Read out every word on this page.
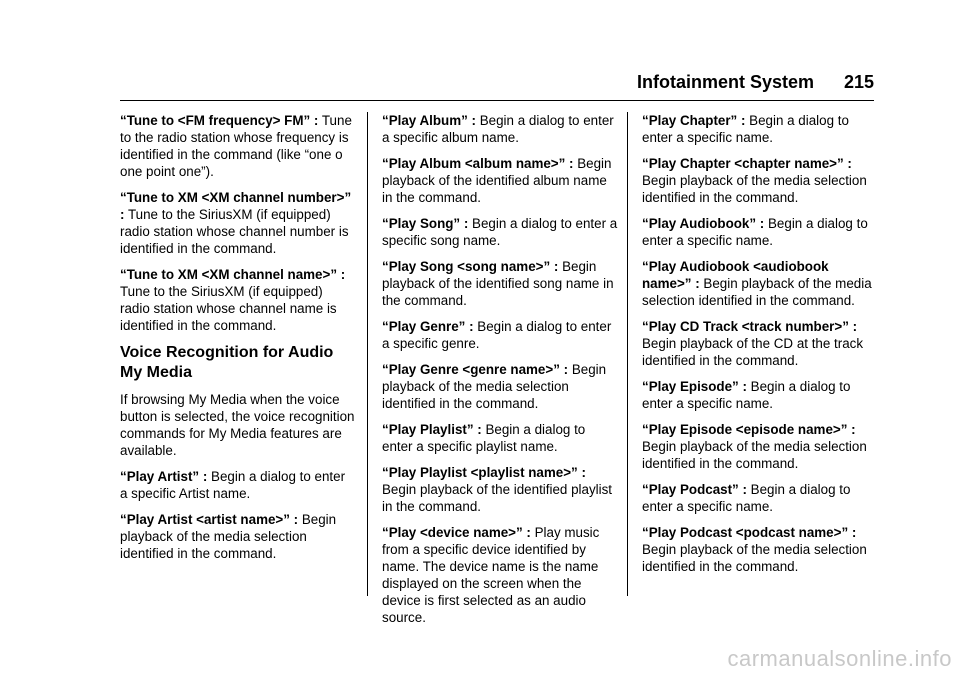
Infotainment System 215

“Tune to <FM frequency> FM” : Tune to the radio station whose frequency is identified in the command (like “one o one point one”).

“Tune to XM <XM channel number>” : Tune to the SiriusXM (if equipped) radio station whose channel number is identified in the command.

“Tune to XM <XM channel name>” : Tune to the SiriusXM (if equipped) radio station whose channel name is identified in the command.

Voice Recognition for Audio My Media

If browsing My Media when the voice button is selected, the voice recognition commands for My Media features are available.

“Play Artist” : Begin a dialog to enter a specific Artist name.

“Play Artist <artist name>” : Begin playback of the media selection identified in the command.

“Play Album” : Begin a dialog to enter a specific album name.

“Play Album <album name>” : Begin playback of the identified album name in the command.

“Play Song” : Begin a dialog to enter a specific song name.

“Play Song <song name>” : Begin playback of the identified song name in the command.

“Play Genre” : Begin a dialog to enter a specific genre.

“Play Genre <genre name>” : Begin playback of the media selection identified in the command.

“Play Playlist” : Begin a dialog to enter a specific playlist name.

“Play Playlist <playlist name>” : Begin playback of the identified playlist in the command.

“Play <device name>” : Play music from a specific device identified by name. The device name is the name displayed on the screen when the device is first selected as an audio source.

“Play Chapter” : Begin a dialog to enter a specific name.

“Play Chapter <chapter name>” : Begin playback of the media selection identified in the command.

“Play Audiobook” : Begin a dialog to enter a specific name.

“Play Audiobook <audiobook name>” : Begin playback of the media selection identified in the command.

“Play CD Track <track number>” : Begin playback of the CD at the track identified in the command.

“Play Episode” : Begin a dialog to enter a specific name.

“Play Episode <episode name>” : Begin playback of the media selection identified in the command.

“Play Podcast” : Begin a dialog to enter a specific name.

“Play Podcast <podcast name>” : Begin playback of the media selection identified in the command.

carmanualsonline.info
